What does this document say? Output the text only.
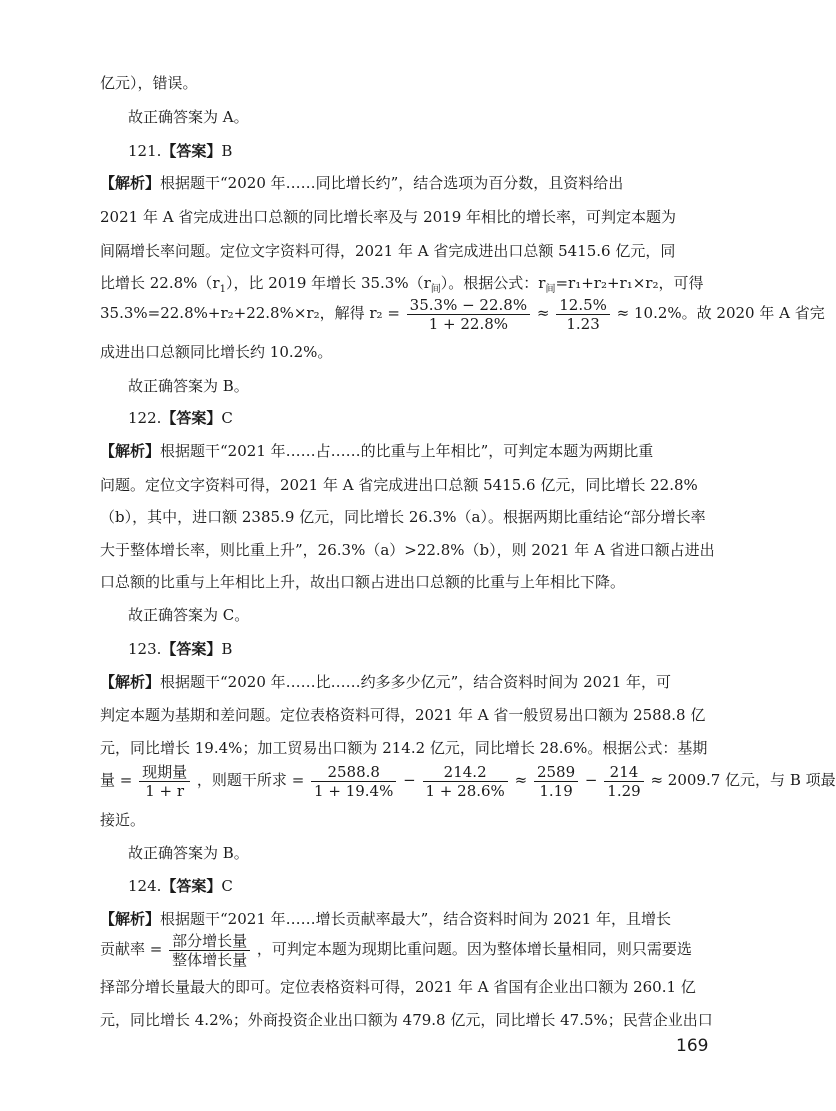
亿元），错误。
故正确答案为 A。
121.【答案】B
【解析】根据题干“2020 年……同比增长约”，结合选项为百分数，且资料给出
2021 年 A 省完成进出口总额的同比增长率及与 2019 年相比的增长率，可判定本题为
间隔增长率问题。定位文字资料可得，2021 年 A 省完成进出口总额 5415.6 亿元，同
比增长 $22.8\%(r_1)$，比 2019 年增长 $35.3\%(r_间)$。根据公式：$r_间=r_1+r_2+r_1\times r_2$，可得
35.3%=22.8%+r₂+22.8%×r₂，解得 $r_2 = \frac{35.3\% - 22.8\%}{1 + 22.8\%} \approx \frac{12.5\%}{1.23} \approx 10.2\%$。故 2020 年 A 省完
成进出口总额同比增长约 10.2%。
故正确答案为 B。
122.【答案】C
【解析】根据题干“2021 年……占……的比重与上年相比”，可判定本题为两期比重
问题。定位文字资料可得，2021 年 A 省完成进出口总额 5415.6 亿元，同比增长 22.8%
（b），其中，进口额 2385.9 亿元，同比增长 26.3%（a）。根据两期比重结论“部分增长率
大于整体增长率，则比重上升”，26.3%（a）>22.8%（b），则 2021 年 A 省进口额占进出
口总额的比重与上年相比上升，故出口额占进出口总额的比重与上年相比下降。
故正确答案为 C。
123.【答案】B
【解析】根据题干“2020 年……比……约多多少亿元”，结合资料时间为 2021 年，可
判定本题为基期和差问题。定位表格资料可得，2021 年 A 省一般贸易出口额为 2588.8 亿
元，同比增长 19.4%；加工贸易出口额为 214.2 亿元，同比增长 28.6%。根据公式：基期
量 = $\frac{\text{现期量}}{1 + r}$ ，则题干所求 = $\frac{2588.8}{1 + 19.4\%} - \frac{214.2}{1 + 28.6\%} \approx \frac{2589}{1.19} - \frac{214}{1.29} \approx 2009.7$ 亿元，与 B 项最
接近。
故正确答案为 B。
124.【答案】C
【解析】根据题干“2021 年……增长贡献率最大”，结合资料时间为 2021 年，且增长
贡献率 = $\frac{\text{部分增长量}}{\text{整体增长量}}$ ，可判定本题为现期比重问题。因为整体增长量相同，则只需要选
择部分增长量最大的即可。定位表格资料可得，2021 年 A 省国有企业出口额为 260.1 亿
元，同比增长 4.2%；外商投资企业出口额为 479.8 亿元，同比增长 47.5%；民营企业出口
169
